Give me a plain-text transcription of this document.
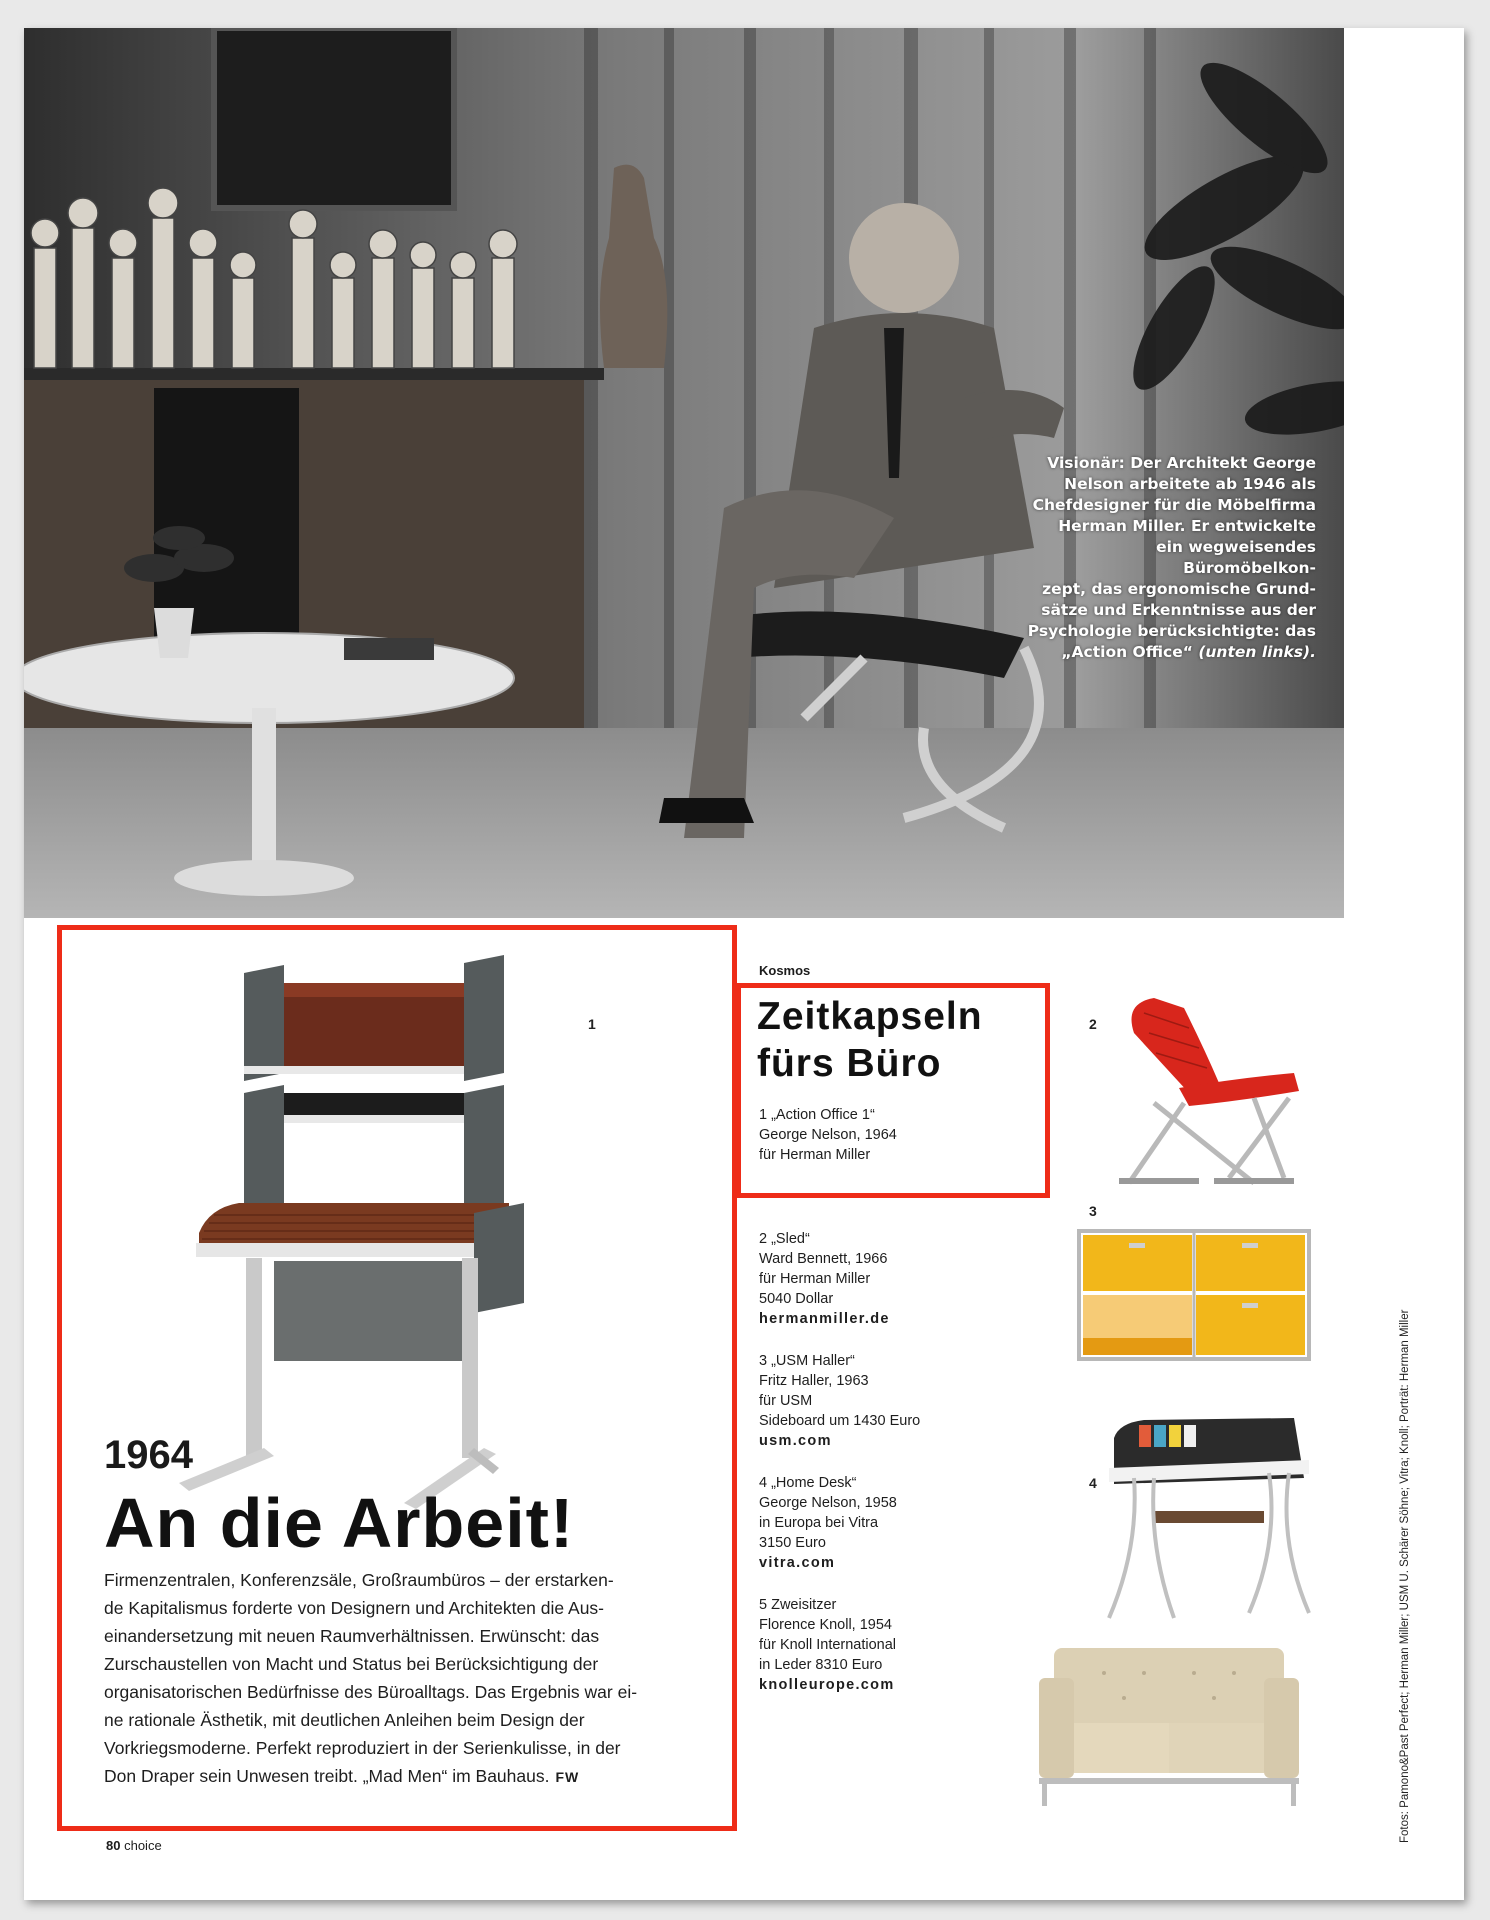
Visionär: Der Architekt George
Nelson arbeitete ab 1946 als
Chefdesigner für die Möbelfirma
Herman Miller. Er entwickelte
ein wegweisendes Büromöbelkon-
zept, das ergonomische Grund-
sätze und Erkenntnisse aus der
Psychologie berücksichtigte: das
„Action Office“ (unten links).
1
1964
An die Arbeit!

Firmenzentralen, Konferenzsäle, Großraumbüros – der erstarken-

de Kapitalismus forderte von Designern und Architekten die Aus-

einandersetzung mit neuen Raumverhältnissen. Erwünscht: das

Zurschaustellen von Macht und Status bei Berücksichtigung der

organisatorischen Bedürfnisse des Büroalltags. Das Ergebnis war ei-

ne rationale Ästhetik, mit deutlichen Anleihen beim Design der

Vorkriegsmoderne. Perfekt reproduziert in der Serienkulisse, in der

Don Draper sein Unwesen treibt. „Mad Men“ im Bauhaus. FW

Kosmos
Zeitkapseln
fürs Büro
1 „Action Office 1“
George Nelson, 1964
für Herman Miller
2 „Sled“
Ward Bennett, 1966
für Herman Miller
5040 Dollar
hermanmiller.de
3 „USM Haller“
Fritz Haller, 1963
für USM
Sideboard um 1430 Euro
usm.com
4 „Home Desk“
George Nelson, 1958
in Europa bei Vitra
3150 Euro
vitra.com
5 Zweisitzer
Florence Knoll, 1954
für Knoll International
in Leder 8310 Euro
knolleurope.com
2
3
4
80 choice
Fotos: Pamono&Past Perfect; Herman Miller; USM U. Schärer Söhne; Vitra; Knoll; Porträt: Herman Miller
